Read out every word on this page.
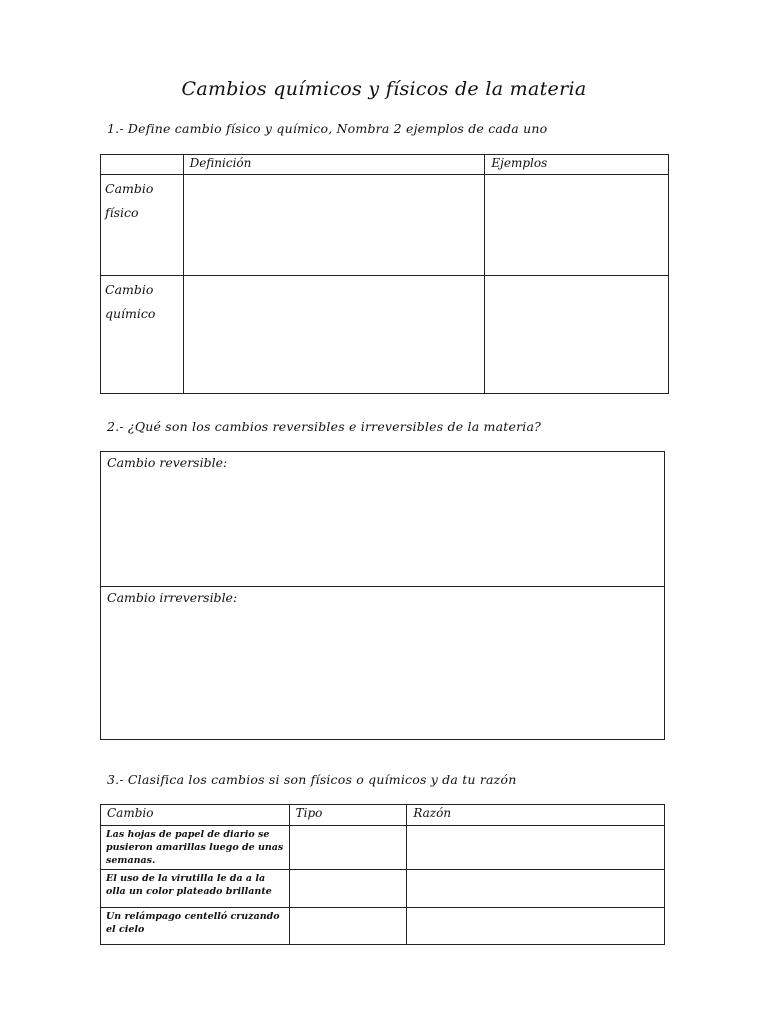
Cambios químicos y físicos de la materia
1.- Define cambio físico y químico, Nombra 2 ejemplos de cada uno
	Definición	Ejemplos
Cambio físico		
Cambio químico		
2.- ¿Qué son los cambios reversibles e irreversibles de la materia?
Cambio reversible:
Cambio irreversible:
3.- Clasifica los cambios si son físicos o químicos y da tu razón
Cambio	Tipo	Razón
Las hojas de papel de diario se pusieron amarillas luego de unas semanas.		
El uso de la virutilla le da a la olla un color plateado brillante		
Un relámpago centelló cruzando el cielo		
